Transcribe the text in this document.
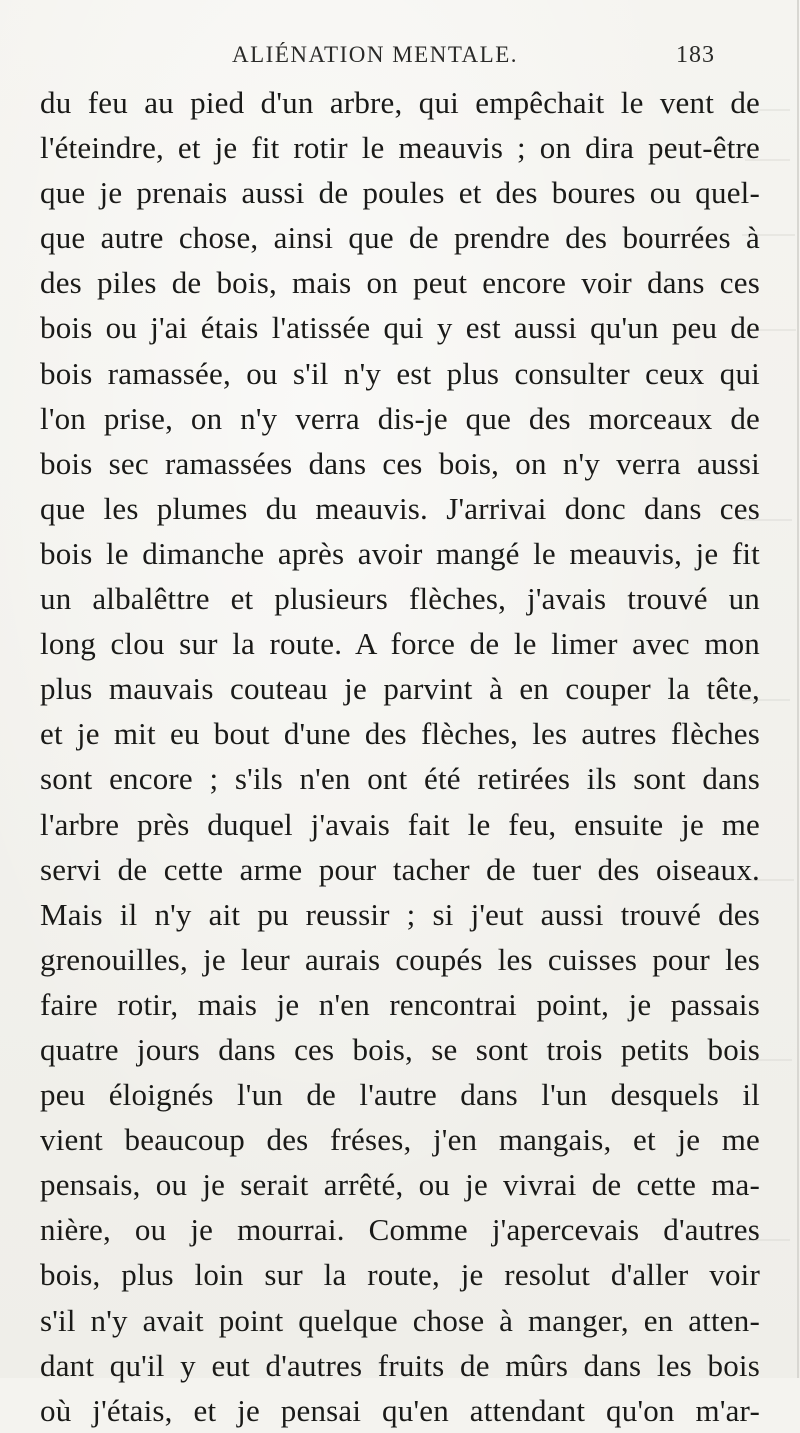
ALIÉNATION MENTALE.	183
du feu au pied d'un arbre, qui empêchait le vent de
l'éteindre, et je fit rotir le meauvis ; on dira peut-être
que je prenais aussi de poules et des boures ou quel-
que autre chose, ainsi que de prendre des bourrées à
des piles de bois, mais on peut encore voir dans ces
bois ou j'ai étais l'atissée qui y est aussi qu'un peu de
bois ramassée, ou s'il n'y est plus consulter ceux qui
l'on prise, on n'y verra dis-je que des morceaux de
bois sec ramassées dans ces bois, on n'y verra aussi
que les plumes du meauvis. J'arrivai donc dans ces
bois le dimanche après avoir mangé le meauvis, je fit
un albalêttre et plusieurs flèches, j'avais trouvé un
long clou sur la route. A force de le limer avec mon
plus mauvais couteau je parvint à en couper la tête,
et je mit eu bout d'une des flèches, les autres flèches
sont encore ; s'ils n'en ont été retirées ils sont dans
l'arbre près duquel j'avais fait le feu, ensuite je me
servi de cette arme pour tacher de tuer des oiseaux.
Mais il n'y ait pu reussir ; si j'eut aussi trouvé des
grenouilles, je leur aurais coupés les cuisses pour les
faire rotir, mais je n'en rencontrai point, je passais
quatre jours dans ces bois, se sont trois petits bois
peu éloignés l'un de l'autre dans l'un desquels il
vient beaucoup des fréses, j'en mangais, et je me
pensais, ou je serait arrêté, ou je vivrai de cette ma-
nière, ou je mourrai. Comme j'apercevais d'autres
bois, plus loin sur la route, je resolut d'aller voir
s'il n'y avait point quelque chose à manger, en atten-
dant qu'il y eut d'autres fruits de mûrs dans les bois
où j'étais, et je pensai qu'en attendant qu'on m'ar-
